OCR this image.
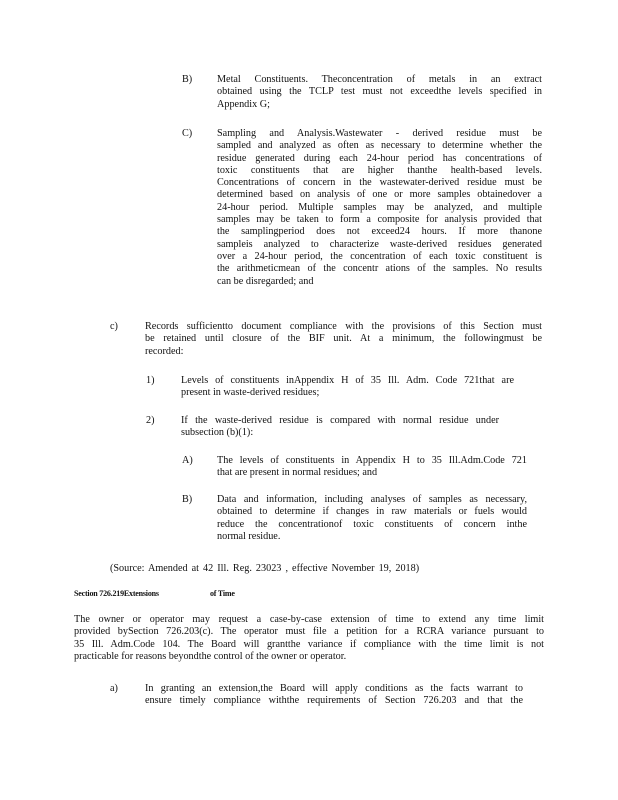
B) Metal Constituents. Theconcentration of metals in an extract

obtained using the TCLP test must not exceedthe levels specified in

Appendix G;

C) Sampling and Analysis.Wastewater - derived residue must be

sampled and analyzed as often as necessary to determine whether the

residue generated during each 24-hour period has concentrations of

toxic constituents that are higher thanthe health-based levels.

Concentrations of concern in the wastewater-derived residue must be

determined based on analysis of one or more samples obtainedover a

24-hour period. Multiple samples may be analyzed, and multiple

samples may be taken to form a composite for analysis provided that

the samplingperiod does not exceed24 hours. If more thanone

sampleis analyzed to characterize waste-derived residues generated

over a 24-hour period, the concentration of each toxic constituent is

the arithmeticmean of the concentr ations of the samples. No results

can be disregarded; and

c)	Records sufficientto document compliance with the provisions of this Section must

be retained until closure of the BIF unit. At a minimum, the followingmust be

recorded:

1)	Levels of constituents inAppendix H of 35 Ill. Adm. Code 721that are

present in waste-derived residues;

2)	If the waste-derived residue is compared with normal residue under

subsection (b)(1):

A) The levels of constituents in Appendix H to 35 Ill.Adm.Code 721

that are present in normal residues; and

B) Data and information, including analyses of samples as necessary,

obtained to determine if changes in raw materials or fuels would

reduce the concentrationof toxic constituents of concern inthe

normal residue.

(Source: Amended at 42 Ill. Reg. 23023 , effective November 19, 2018)
Section 726.219Extensions	of Time

The owner or operator may request a case-by-case extension of time to extend any time limit

provided bySection 726.203(c). The operator must file a petition for a RCRA variance pursuant to

35 Ill. Adm.Code 104. The Board will grantthe variance if compliance with the time limit is not

practicable for reasons beyondthe control of the owner or operator.

a)	In granting an extension,the Board will apply conditions as the facts warrant to

ensure timely compliance withthe requirements of Section 726.203 and that the
